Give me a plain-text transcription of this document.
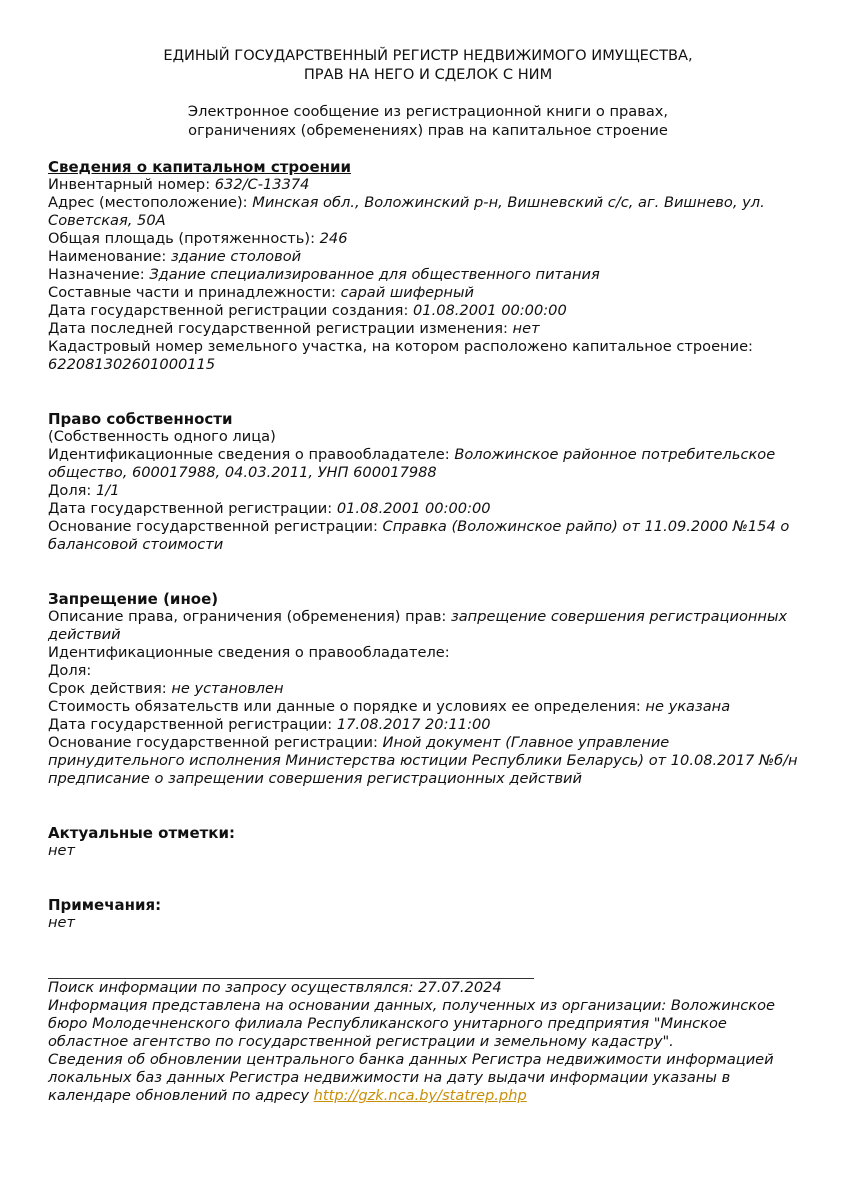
ЕДИНЫЙ ГОСУДАРСТВЕННЫЙ РЕГИСТР НЕДВИЖИМОГО ИМУЩЕСТВА,
ПРАВ НА НЕГО И СДЕЛОК С НИМ
Электронное сообщение из регистрационной книги о правах,
ограничениях (обременениях) прав на капитальное строение
Сведения о капитальном строении
Инвентарный номер: 632/С-13374
Адрес (местоположение): Минская обл., Воложинский р-н, Вишневский с/с, аг. Вишнево, ул. Советская, 50А
Общая площадь (протяженность): 246
Наименование: здание столовой
Назначение: Здание специализированное для общественного питания
Составные части и принадлежности: сарай шиферный
Дата государственной регистрации создания: 01.08.2001 00:00:00
Дата последней государственной регистрации изменения: нет
Кадастровый номер земельного участка, на котором расположено капитальное строение: 622081302601000115
Право собственности
(Собственность одного лица)
Идентификационные сведения о правообладателе: Воложинское районное потребительское общество, 600017988, 04.03.2011, УНП 600017988
Доля: 1/1
Дата государственной регистрации: 01.08.2001 00:00:00
Основание государственной регистрации: Справка (Воложинское райпо) от 11.09.2000 №154 о балансовой стоимости
Запрещение (иное)
Описание права, ограничения (обременения) прав: запрещение совершения регистрационных действий
Идентификационные сведения о правообладателе:
Доля:
Срок действия: не установлен
Стоимость обязательств или данные о порядке и условиях ее определения: не указана
Дата государственной регистрации: 17.08.2017 20:11:00
Основание государственной регистрации: Иной документ (Главное управление принудительного исполнения Министерства юстиции Республики Беларусь) от 10.08.2017 №б/н предписание о запрещении совершения регистрационных действий
Актуальные отметки:
нет
Примечания:
нет
Поиск информации по запросу осуществлялся: 27.07.2024
Информация представлена на основании данных, полученных из организации: Воложинское бюро Молодечненского филиала Республиканского унитарного предприятия "Минское областное агентство по государственной регистрации и земельному кадастру".
Сведения об обновлении центрального банка данных Регистра недвижимости информацией локальных баз данных Регистра недвижимости на дату выдачи информации указаны в календаре обновлений по адресу http://gzk.nca.by/statrep.php
